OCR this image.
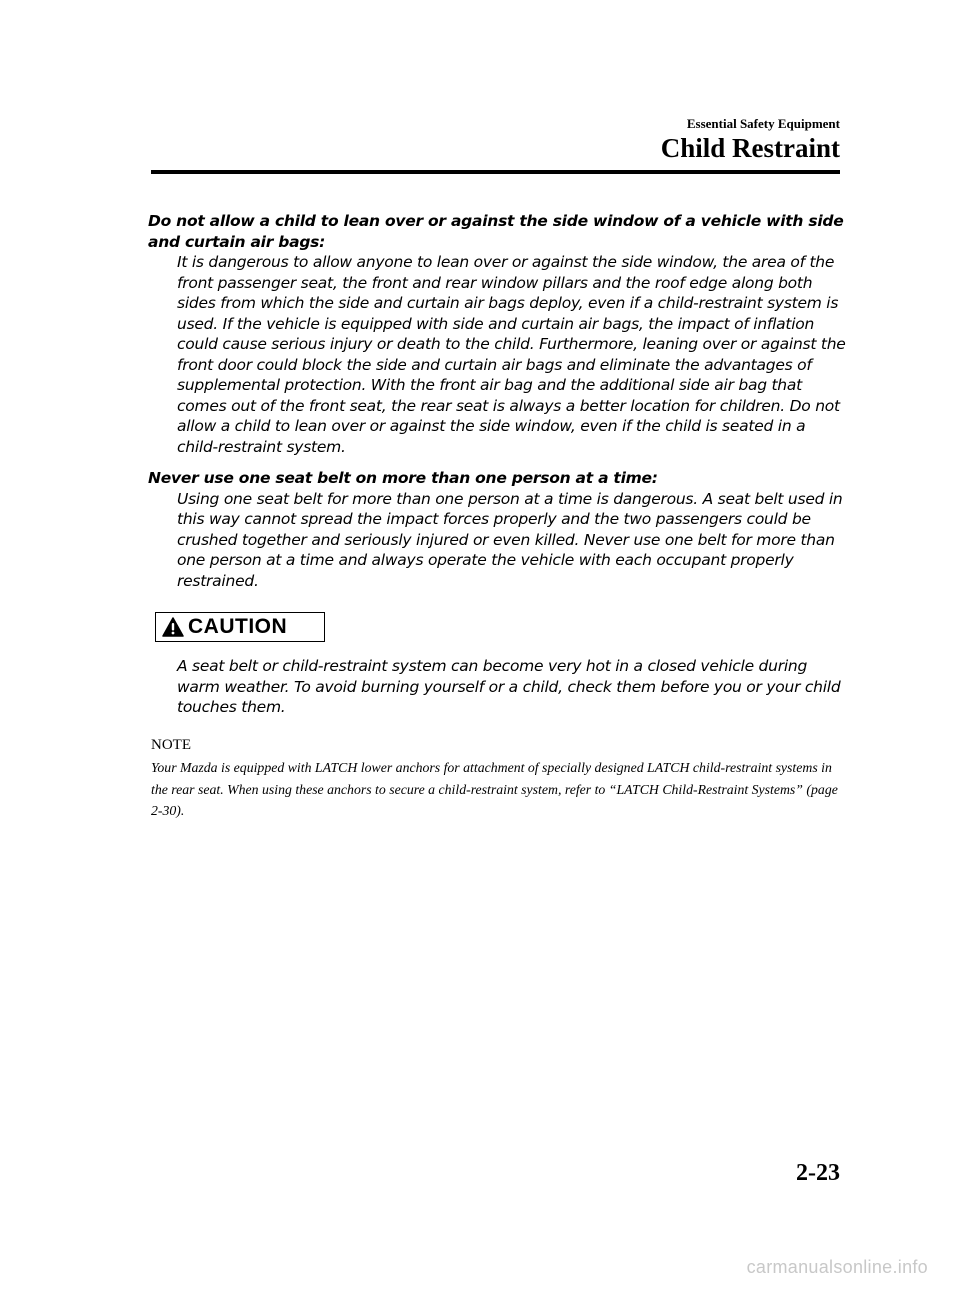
Essential Safety Equipment
Child Restraint

Do not allow a child to lean over or against the side window of a vehicle with side and curtain air bags:

It is dangerous to allow anyone to lean over or against the side window, the area of the front passenger seat, the front and rear window pillars and the roof edge along both sides from which the side and curtain air bags deploy, even if a child-restraint system is used. If the vehicle is equipped with side and curtain air bags, the impact of inflation could cause serious injury or death to the child. Furthermore, leaning over or against the front door could block the side and curtain air bags and eliminate the advantages of supplemental protection. With the front air bag and the additional side air bag that comes out of the front seat, the rear seat is always a better location for children. Do not allow a child to lean over or against the side window, even if the child is seated in a child-restraint system.

Never use one seat belt on more than one person at a time:

Using one seat belt for more than one person at a time is dangerous. A seat belt used in this way cannot spread the impact forces properly and the two passengers could be crushed together and seriously injured or even killed. Never use one belt for more than one person at a time and always operate the vehicle with each occupant properly restrained.

CAUTION

A seat belt or child-restraint system can become very hot in a closed vehicle during warm weather. To avoid burning yourself or a child, check them before you or your child touches them.

NOTE

Your Mazda is equipped with LATCH lower anchors for attachment of specially designed LATCH child-restraint systems in the rear seat. When using these anchors to secure a child-restraint system, refer to “LATCH Child-Restraint Systems” (page 2-30).

2-23
carmanualsonline.info
